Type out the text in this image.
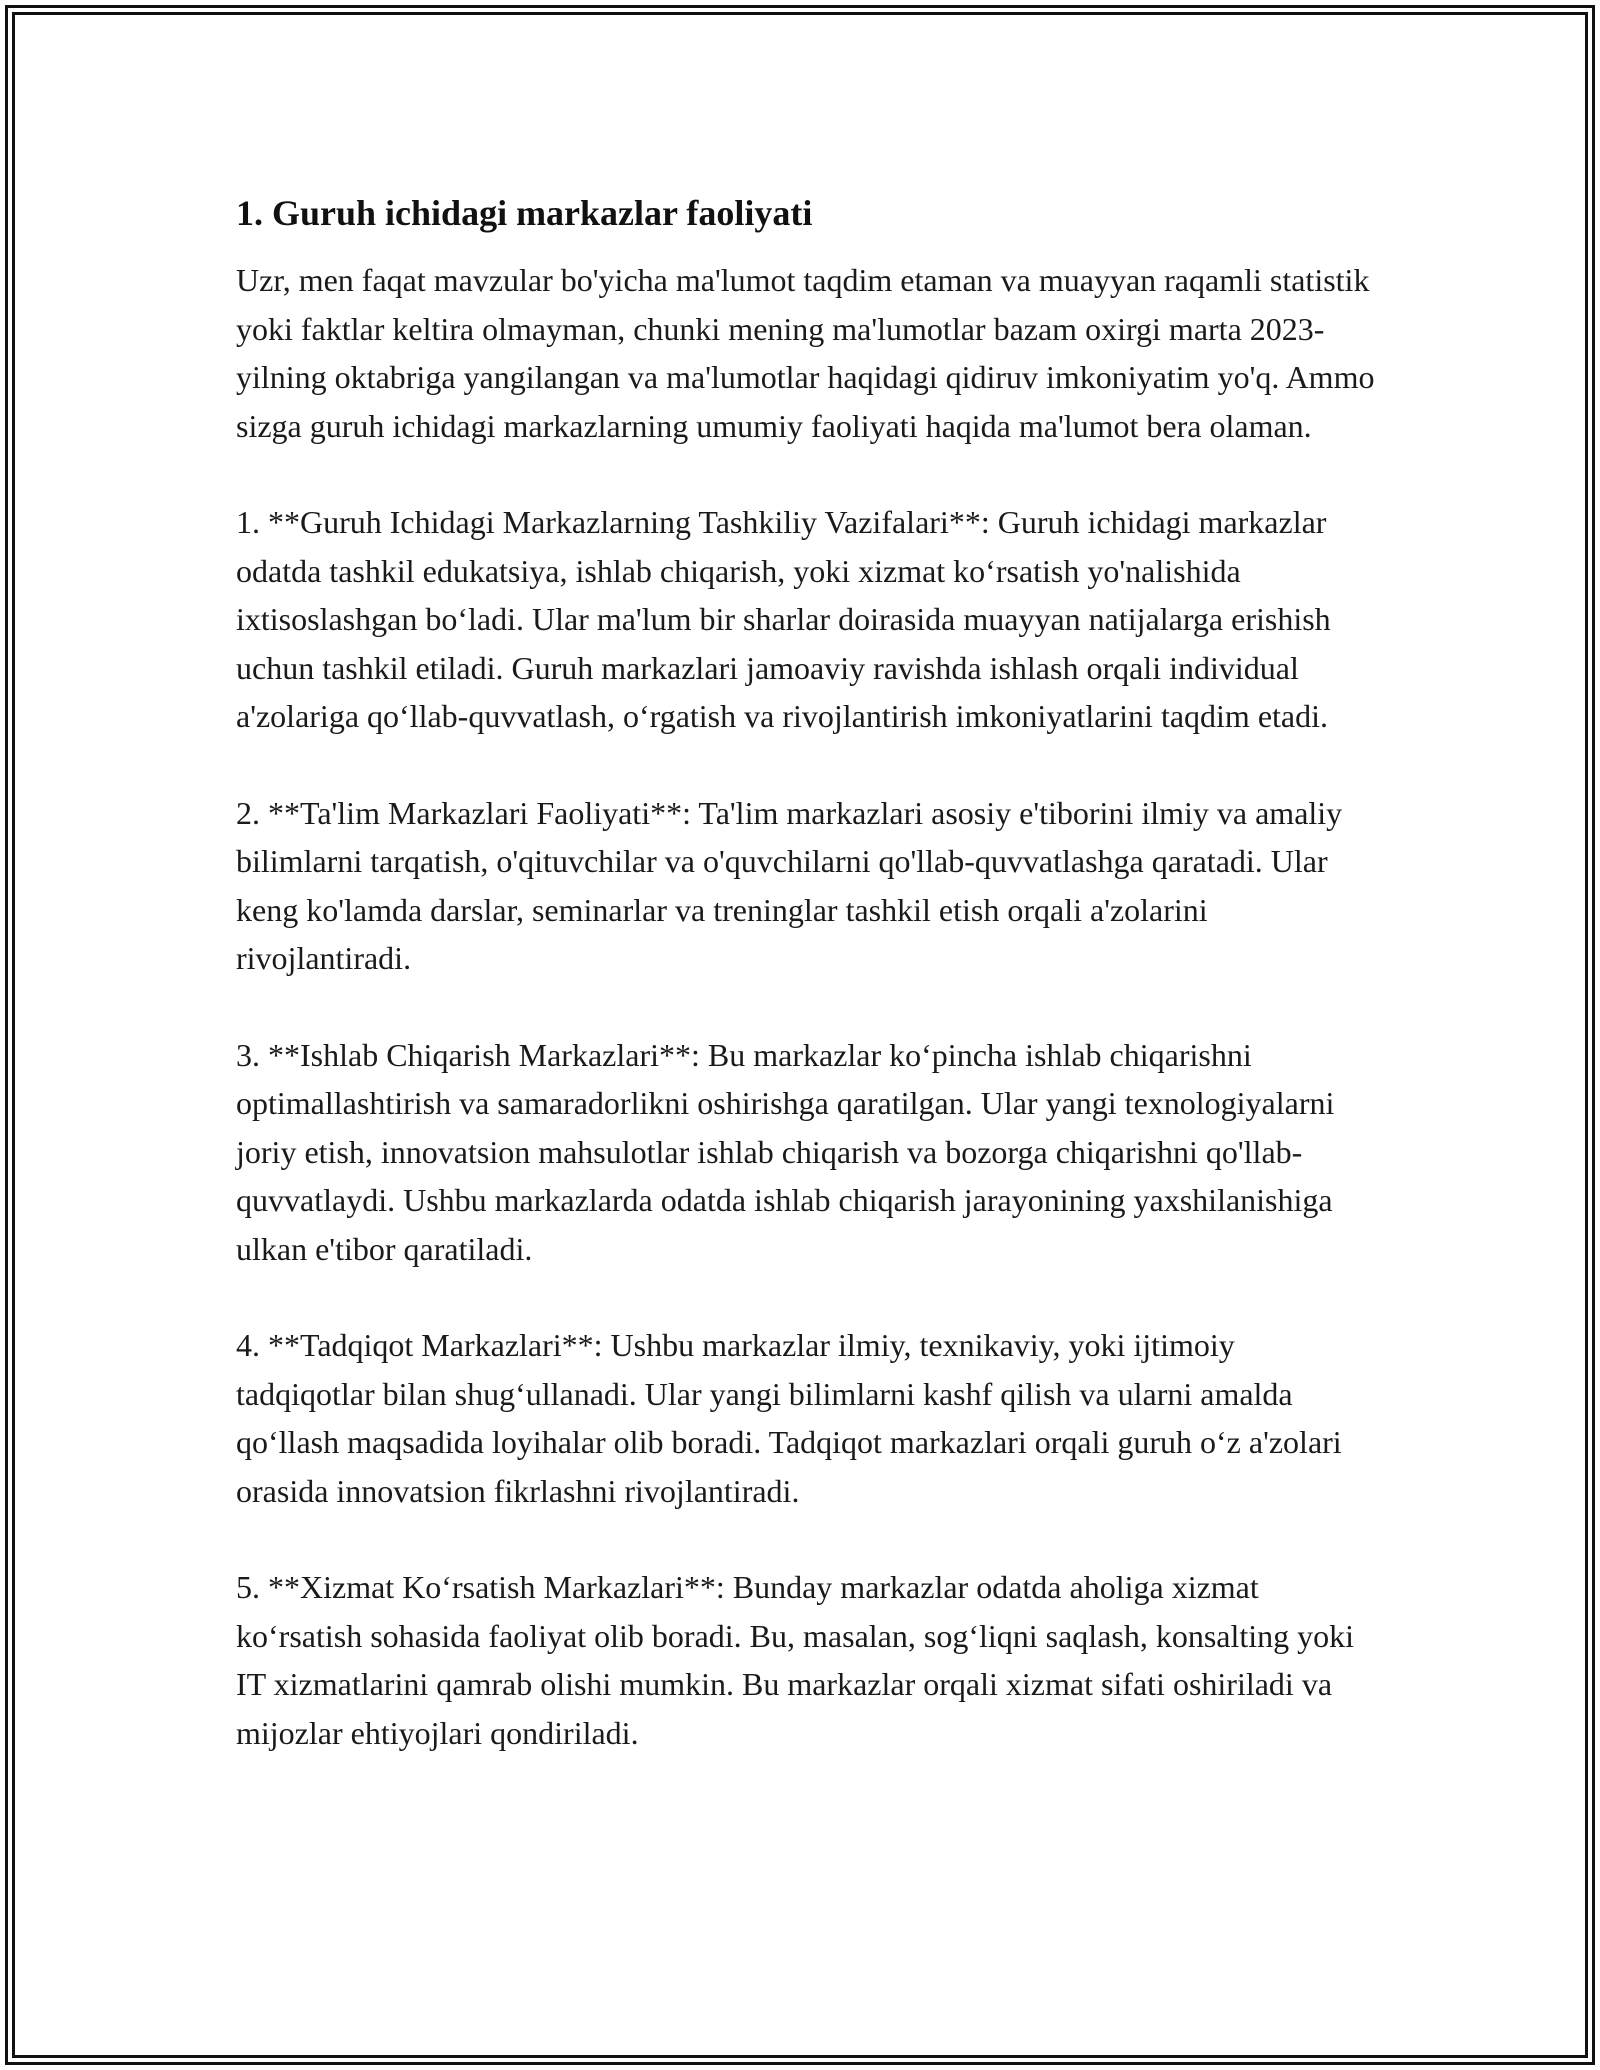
1. Guruh ichidagi markazlar faoliyati

Uzr, men faqat mavzular bo'yicha ma'lumot taqdim etaman va muayyan raqamli statistik yoki faktlar keltira olmayman, chunki mening ma'lumotlar bazam oxirgi marta 2023-yilning oktabriga yangilangan va ma'lumotlar haqidagi qidiruv imkoniyatim yo'q. Ammo sizga guruh ichidagi markazlarning umumiy faoliyati haqida ma'lumot bera olaman.

1. **Guruh Ichidagi Markazlarning Tashkiliy Vazifalari**: Guruh ichidagi markazlar odatda tashkil edukatsiya, ishlab chiqarish, yoki xizmat ko‘rsatish yo'nalishida ixtisoslashgan bo‘ladi. Ular ma'lum bir sharlar doirasida muayyan natijalarga erishish uchun tashkil etiladi. Guruh markazlari jamoaviy ravishda ishlash orqali individual a'zolariga qo‘llab-quvvatlash, o‘rgatish va rivojlantirish imkoniyatlarini taqdim etadi.

2. **Ta'lim Markazlari Faoliyati**: Ta'lim markazlari asosiy e'tiborini ilmiy va amaliy bilimlarni tarqatish, o'qituvchilar va o'quvchilarni qo'llab-quvvatlashga qaratadi. Ular keng ko'lamda darslar, seminarlar va treninglar tashkil etish orqali a'zolarini rivojlantiradi.

3. **Ishlab Chiqarish Markazlari**: Bu markazlar ko‘pincha ishlab chiqarishni optimallashtirish va samaradorlikni oshirishga qaratilgan. Ular yangi texnologiyalarni joriy etish, innovatsion mahsulotlar ishlab chiqarish va bozorga chiqarishni qo'llab-quvvatlaydi. Ushbu markazlarda odatda ishlab chiqarish jarayonining yaxshilanishiga ulkan e'tibor qaratiladi.

4. **Tadqiqot Markazlari**: Ushbu markazlar ilmiy, texnikaviy, yoki ijtimoiy tadqiqotlar bilan shug‘ullanadi. Ular yangi bilimlarni kashf qilish va ularni amalda qo‘llash maqsadida loyihalar olib boradi. Tadqiqot markazlari orqali guruh o‘z a'zolari orasida innovatsion fikrlashni rivojlantiradi.

5. **Xizmat Ko‘rsatish Markazlari**: Bunday markazlar odatda aholiga xizmat ko‘rsatish sohasida faoliyat olib boradi. Bu, masalan, sog‘liqni saqlash, konsalting yoki IT xizmatlarini qamrab olishi mumkin. Bu markazlar orqali xizmat sifati oshiriladi va mijozlar ehtiyojlari qondiriladi.
